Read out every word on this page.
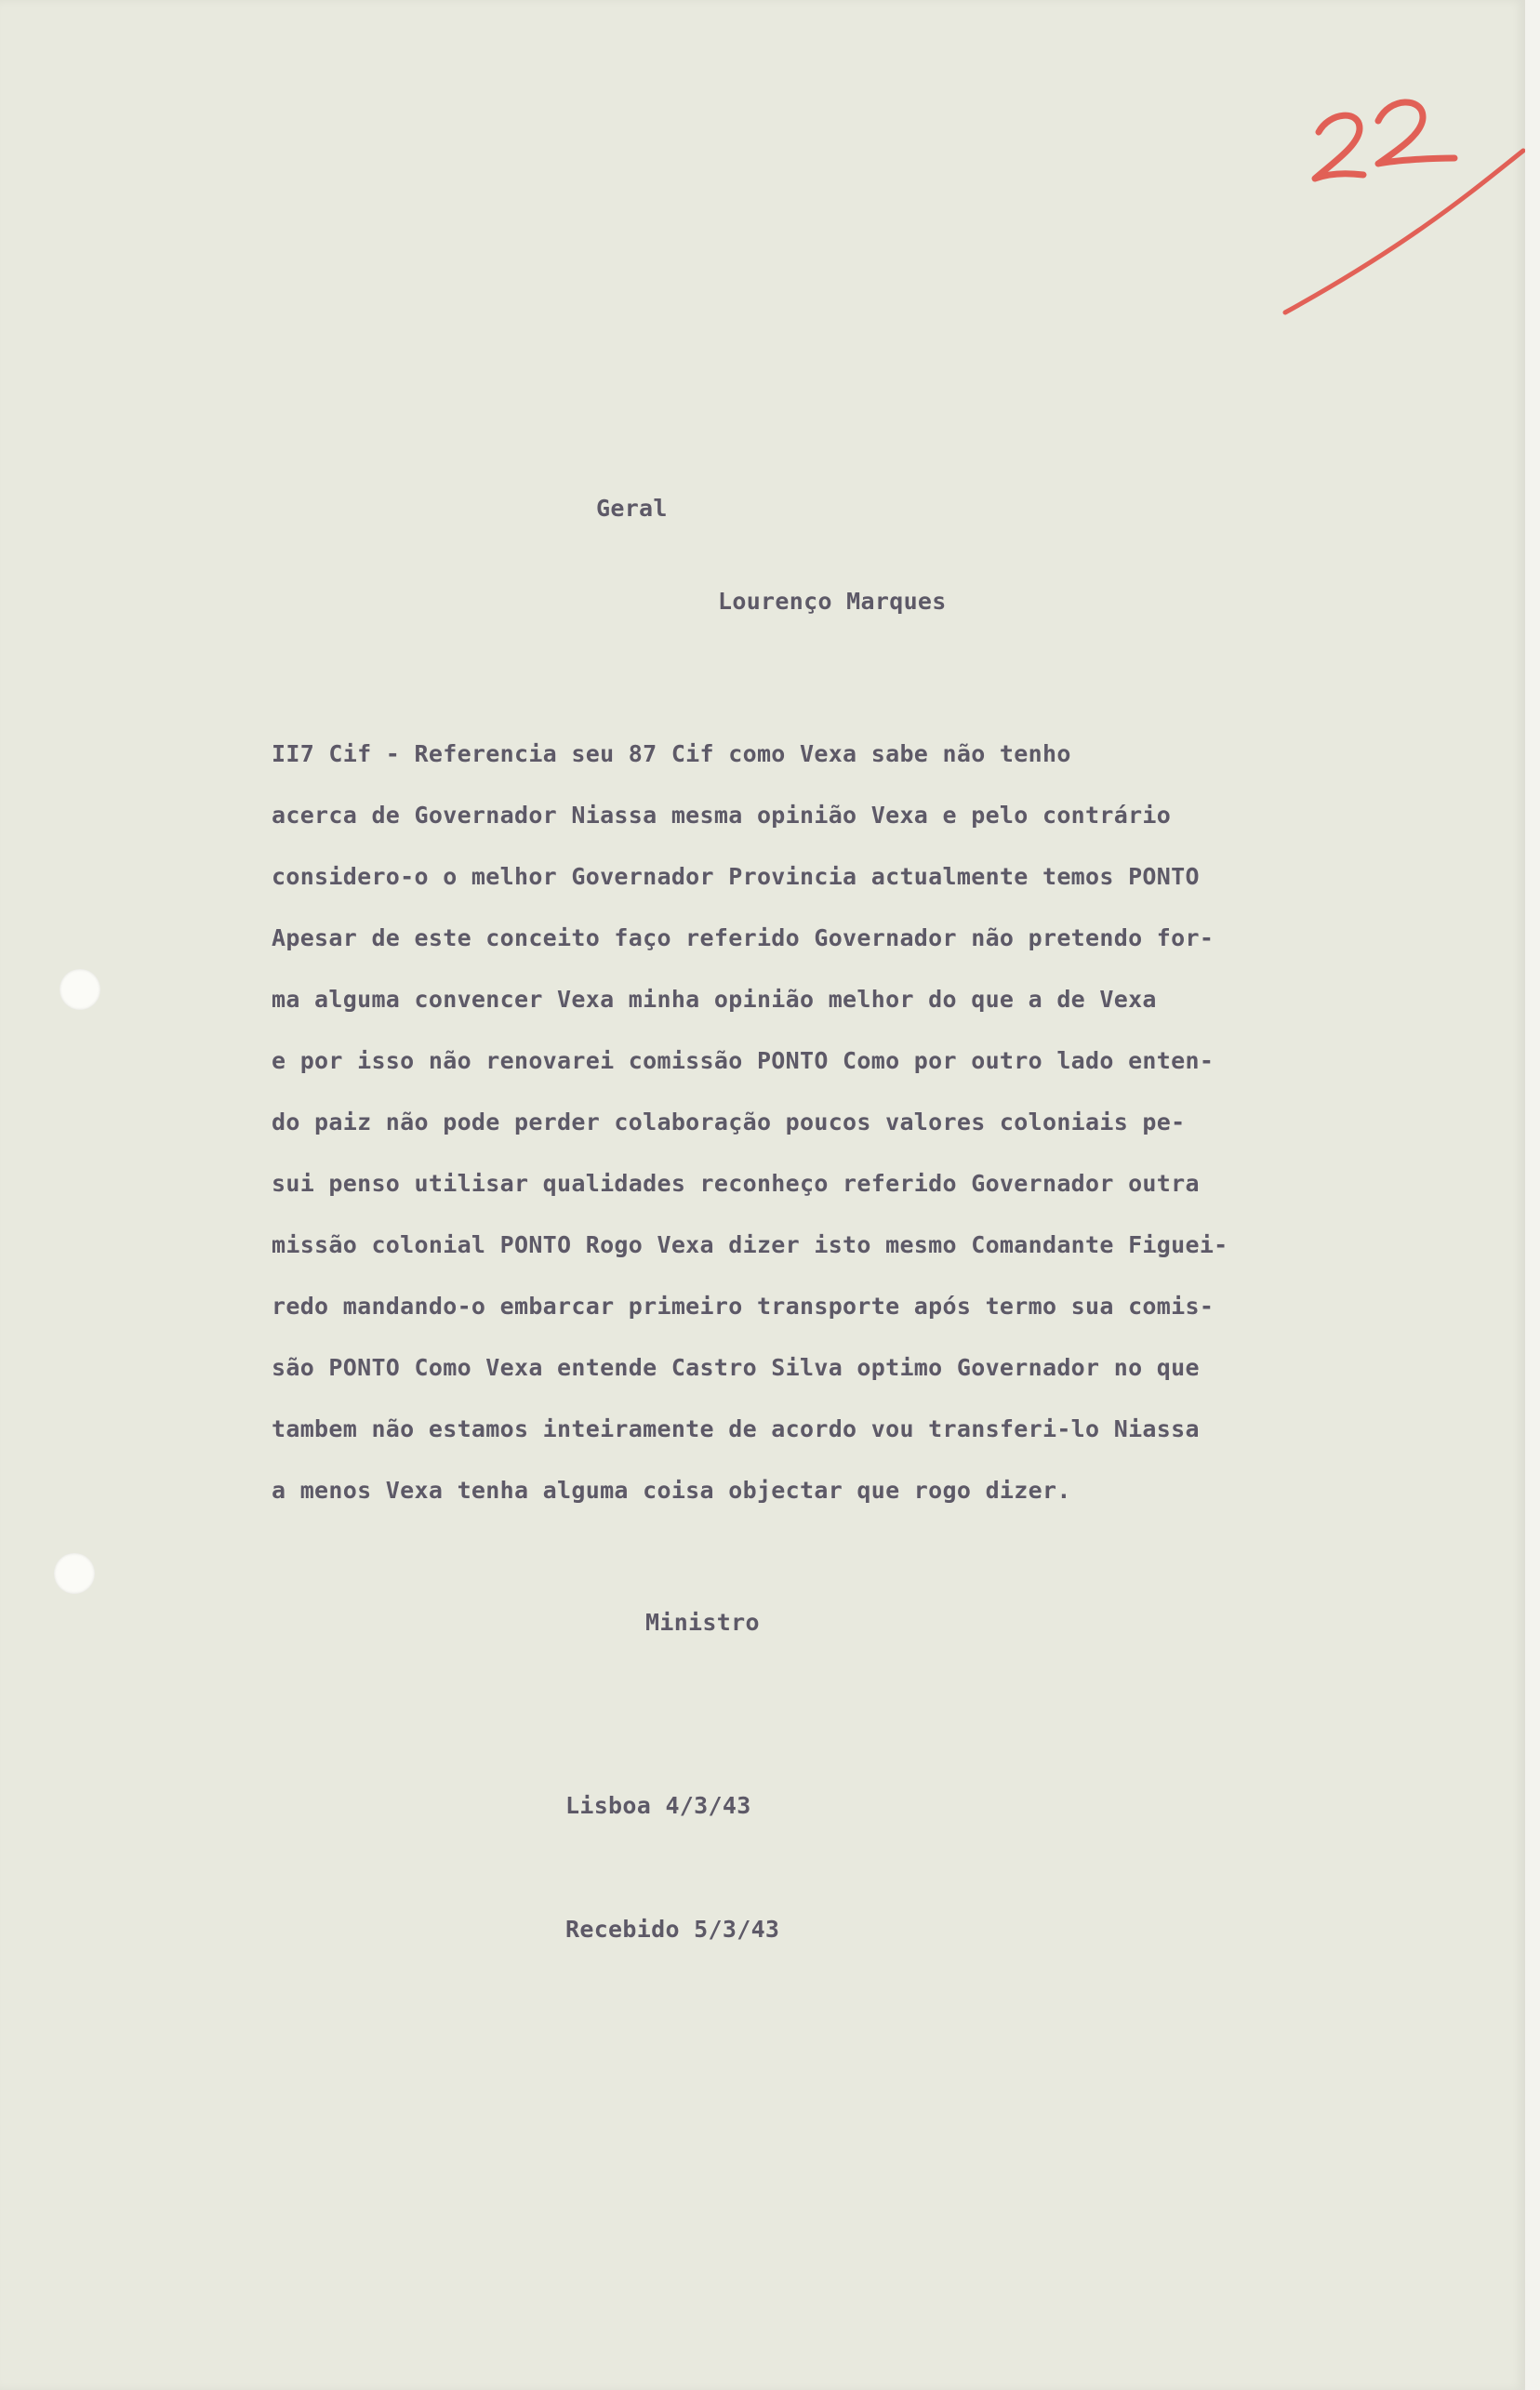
Geral
Lourenço Marques
II7 Cif - Referencia seu 87 Cif como Vexa sabe não tenho
acerca de Governador Niassa mesma opinião Vexa e pelo contrário
considero-o o melhor Governador Provincia actualmente temos PONTO
Apesar de este conceito faço referido Governador não pretendo for-
ma alguma convencer Vexa minha opinião melhor do que a de Vexa
e por isso não renovarei comissão PONTO Como por outro lado enten-
do paiz não pode perder colaboração poucos valores coloniais pe-
sui penso utilisar qualidades reconheço referido Governador outra
missão colonial PONTO Rogo Vexa dizer isto mesmo Comandante Figuei-
redo mandando-o embarcar primeiro transporte após termo sua comis-
são PONTO Como Vexa entende Castro Silva optimo Governador no que
tambem não estamos inteiramente de acordo vou transferi-lo Niassa
a menos Vexa tenha alguma coisa objectar que rogo dizer.
Ministro
Lisboa 4/3/43
Recebido 5/3/43
